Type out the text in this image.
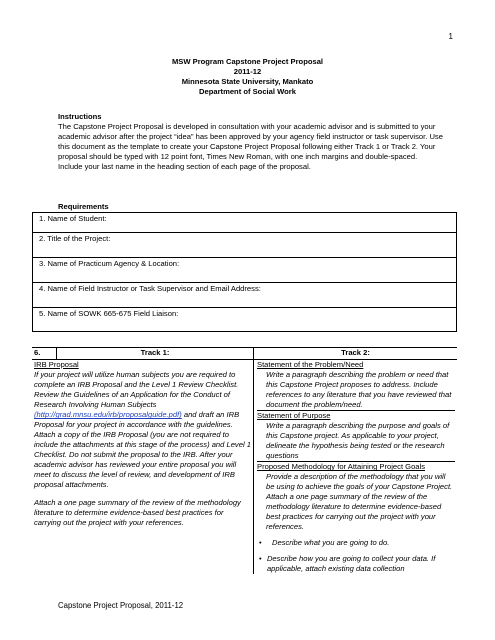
1
MSW Program Capstone Project Proposal
2011-12
Minnesota State University, Mankato
Department of Social Work
Instructions
The Capstone Project Proposal is developed in consultation with your academic advisor and is submitted to your academic advisor after the project “idea” has been approved by your agency field instructor or task supervisor. Use this document as the template to create your Capstone Project Proposal following either Track 1 or Track 2. Your proposal should be typed with 12 point font, Times New Roman, with one inch margins and double-spaced. Include your last name in the heading section of each page of the proposal.
Requirements
1. Name of Student:
2. Title of the Project:
3. Name of Practicum Agency & Location:
4. Name of Field Instructor or Task Supervisor and Email Address:
5. Name of SOWK 665-675 Field Liaison:
6.	Track 1:	Track 2:
IRB Proposal
If your project will utilize human subjects you are required to complete an IRB Proposal and the Level 1 Review Checklist. Review the Guidelines of an Application for the Conduct of Research Involving Human Subjects
(http://grad.mnsu.edu/irb/proposalguide.pdf) and draft an IRB Proposal for your project in accordance with the guidelines. Attach a copy of the IRB Proposal (you are not required to include the attachments at this stage of the process) and Level 1 Checklist. Do not submit the proposal to the IRB. After your academic advisor has reviewed your entire proposal you will meet to discuss the level of review, and development of IRB proposal attachments.
Attach a one page summary of the review of the methodology literature to determine evidence-based best practices for carrying out the project with your references.
Statement of the Problem/Need
Write a paragraph describing the problem or need that this Capstone Project proposes to address. Include references to any literature that you have reviewed that document the problem/need.
Statement of Purpose
Write a paragraph describing the purpose and goals of this Capstone project. As applicable to your project, delineate the hypothesis being tested or the research questions
Proposed Methodology for Attaining Project Goals
Provide a description of the methodology that you will be using to achieve the goals of your Capstone Project. Attach a one page summary of the review of the methodology literature to determine evidence-based best practices for carrying out the project with your references.
•	Describe what you are going to do.
• Describe how you are going to collect your data. If applicable, attach existing data collection
Capstone Project Proposal, 2011-12
